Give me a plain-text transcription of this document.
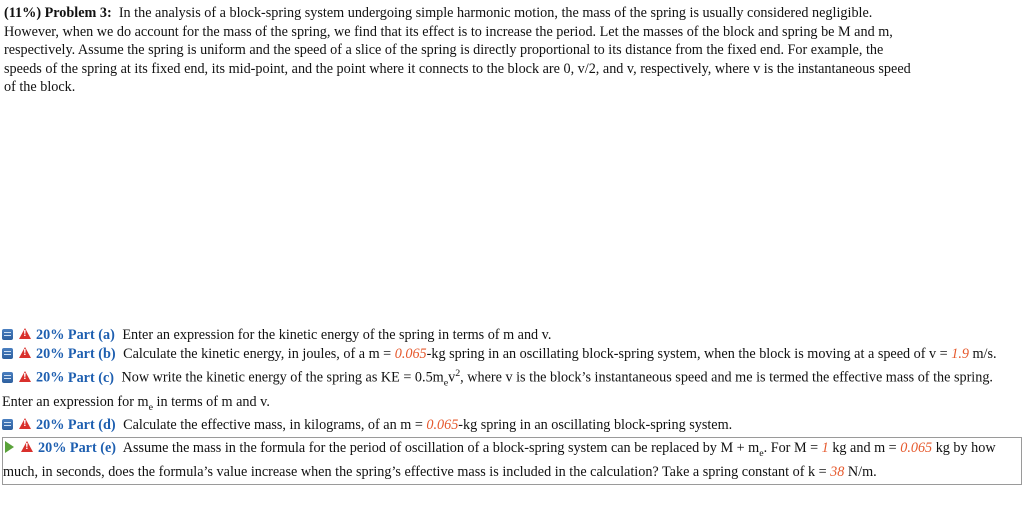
(11%) Problem 3: In the analysis of a block-spring system undergoing simple harmonic motion, the mass of the spring is usually considered negligible. However, when we do account for the mass of the spring, we find that its effect is to increase the period. Let the masses of the block and spring be M and m, respectively. Assume the spring is uniform and the speed of a slice of the spring is directly proportional to its distance from the fixed end. For example, the speeds of the spring at its fixed end, its mid-point, and the point where it connects to the block are 0, v/2, and v, respectively, where v is the instantaneous speed of the block.
!20% Part (a) Enter an expression for the kinetic energy of the spring in terms of m and v.
!20% Part (b) Calculate the kinetic energy, in joules, of a m = 0.065-kg spring in an oscillating block-spring system, when the block is moving at a speed of v = 1.9 m/s.
!20% Part (c) Now write the kinetic energy of the spring as KE = $0.5m_ev^2$, where v is the block’s instantaneous speed and me is termed the effective mass of the spring. Enter an expression for $m_e$ in terms of m and v.
!20% Part (d) Calculate the effective mass, in kilograms, of an m = 0.065-kg spring in an oscillating block-spring system.
!20% Part (e) Assume the mass in the formula for the period of oscillation of a block-spring system can be replaced by $M + m_e$. For M = 1 kg and m = 0.065 kg by how much, in seconds, does the formula’s value increase when the spring’s effective mass is included in the calculation? Take a spring constant of k = 38 N/m.
